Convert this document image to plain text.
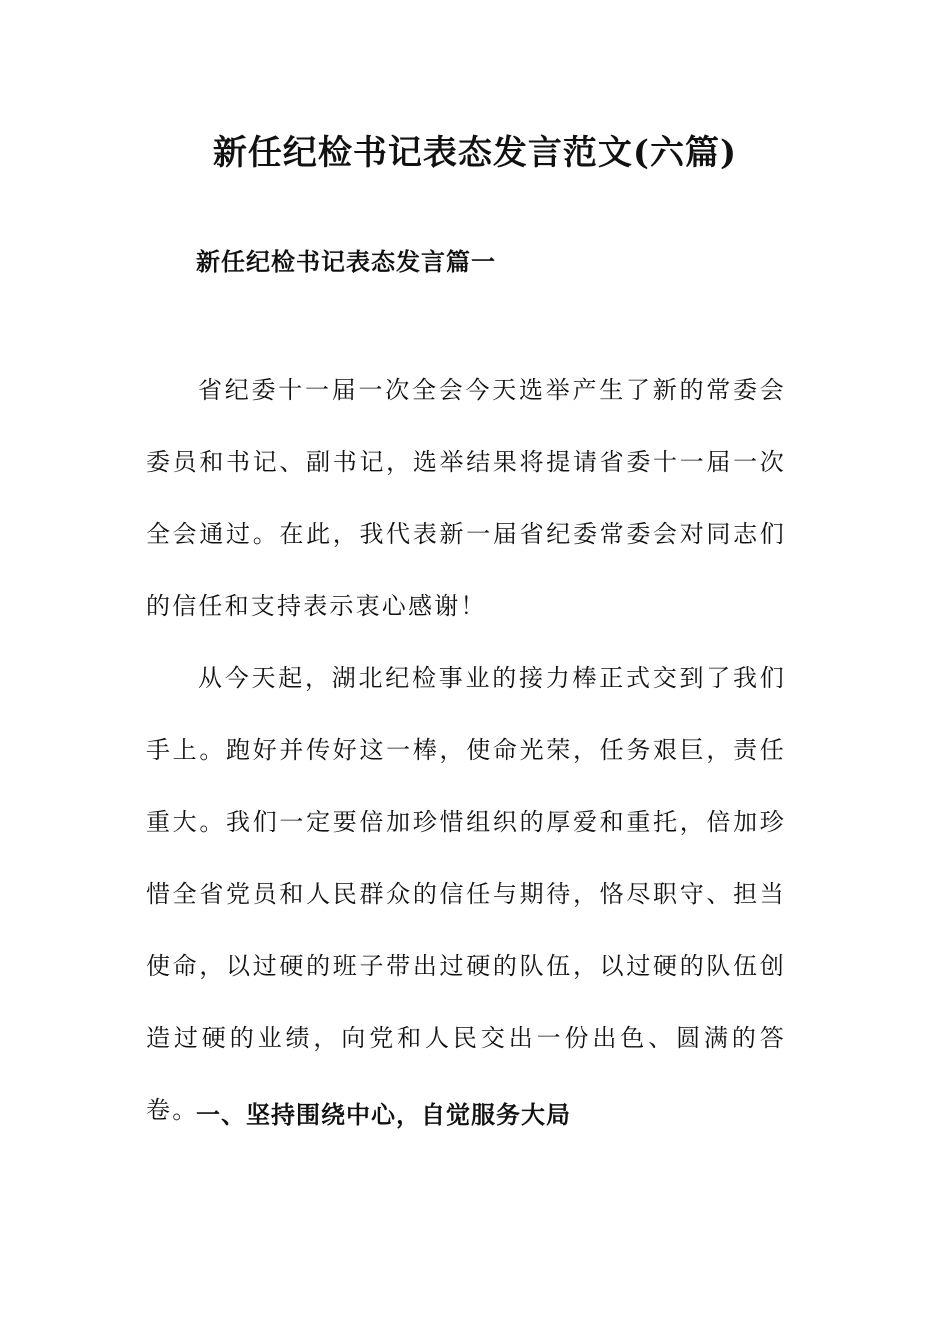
新任纪检书记表态发言范文(六篇)
新任纪检书记表态发言篇一

省纪委十一届一次全会今天选举产生了新的常委会委员和书记、副书记，选举结果将提请省委十一届一次全会通过。在此，我代表新一届省纪委常委会对同志们的信任和支持表示衷心感谢！

从今天起，湖北纪检事业的接力棒正式交到了我们手上。跑好并传好这一棒，使命光荣，任务艰巨，责任重大。我们一定要倍加珍惜组织的厚爱和重托，倍加珍惜全省党员和人民群众的信任与期待，恪尽职守、担当使命，以过硬的班子带出过硬的队伍，以过硬的队伍创造过硬的业绩，向党和人民交出一份出色、圆满的答卷。

一、坚持围绕中心，自觉服务大局
